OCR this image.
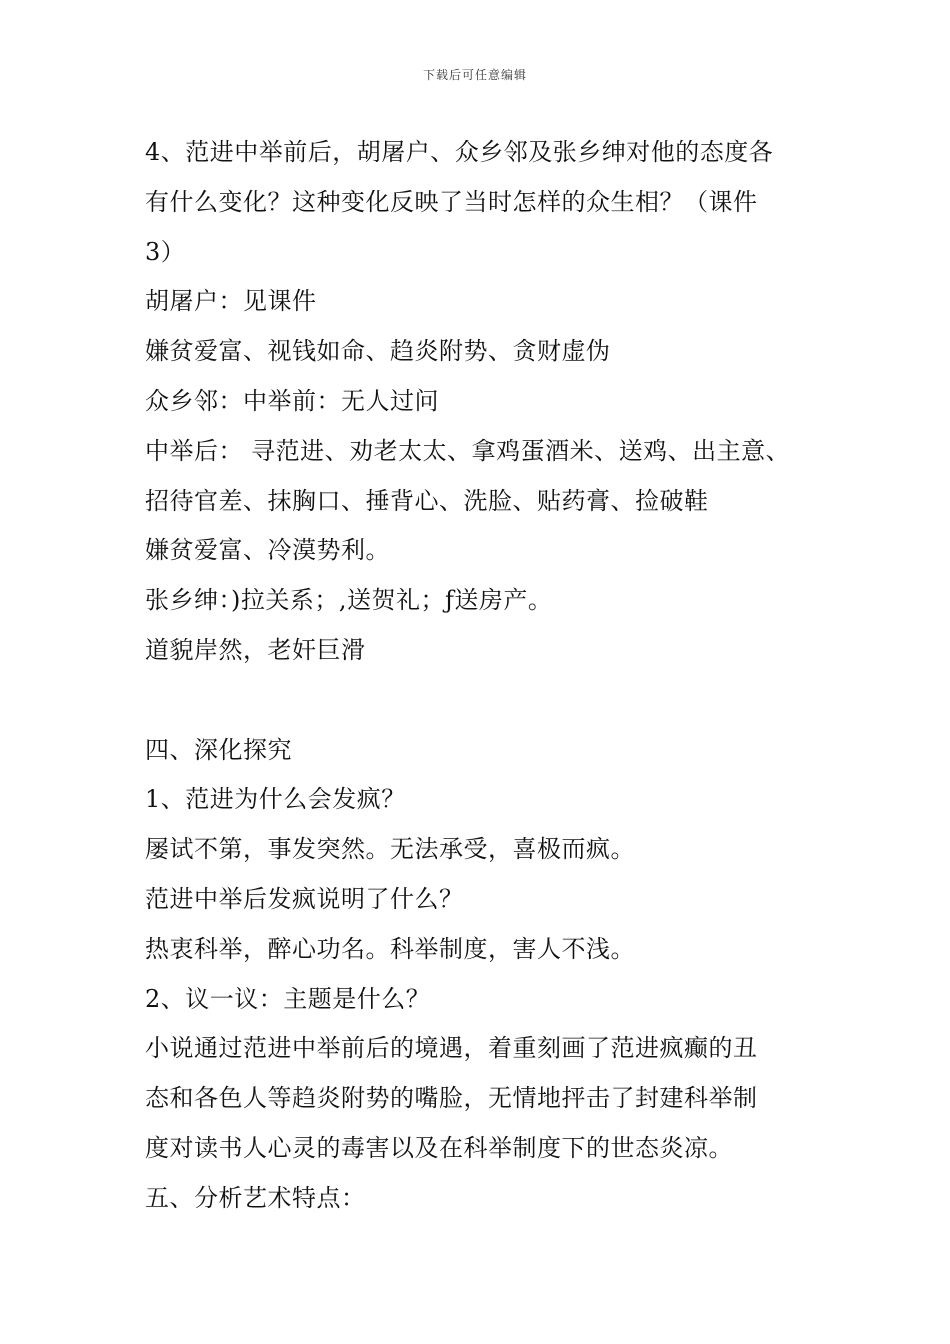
下载后可任意编辑
4、范进中举前后，胡屠户、众乡邻及张乡绅对他的态度各
有什么变化？这种变化反映了当时怎样的众生相？（课件
3）
胡屠户：见课件
嫌贫爱富、视钱如命、趋炎附势、贪财虚伪
众乡邻：中举前：无人过问
中举后： 寻范进、劝老太太、拿鸡蛋酒米、送鸡、出主意、
招待官差、抹胸口、捶背心、洗脸、贴药膏、捡破鞋
嫌贫爱富、冷漠势利。
张乡绅：)拉关系；,送贺礼；ƒ送房产。
道貌岸然，老奸巨滑
四、深化探究
1、范进为什么会发疯？
屡试不第，事发突然。无法承受，喜极而疯。
范进中举后发疯说明了什么？
热衷科举，醉心功名。科举制度，害人不浅。
2、议一议：主题是什么？
小说通过范进中举前后的境遇，着重刻画了范进疯癫的丑
态和各色人等趋炎附势的嘴脸，无情地抨击了封建科举制
度对读书人心灵的毒害以及在科举制度下的世态炎凉。
五、分析艺术特点：
